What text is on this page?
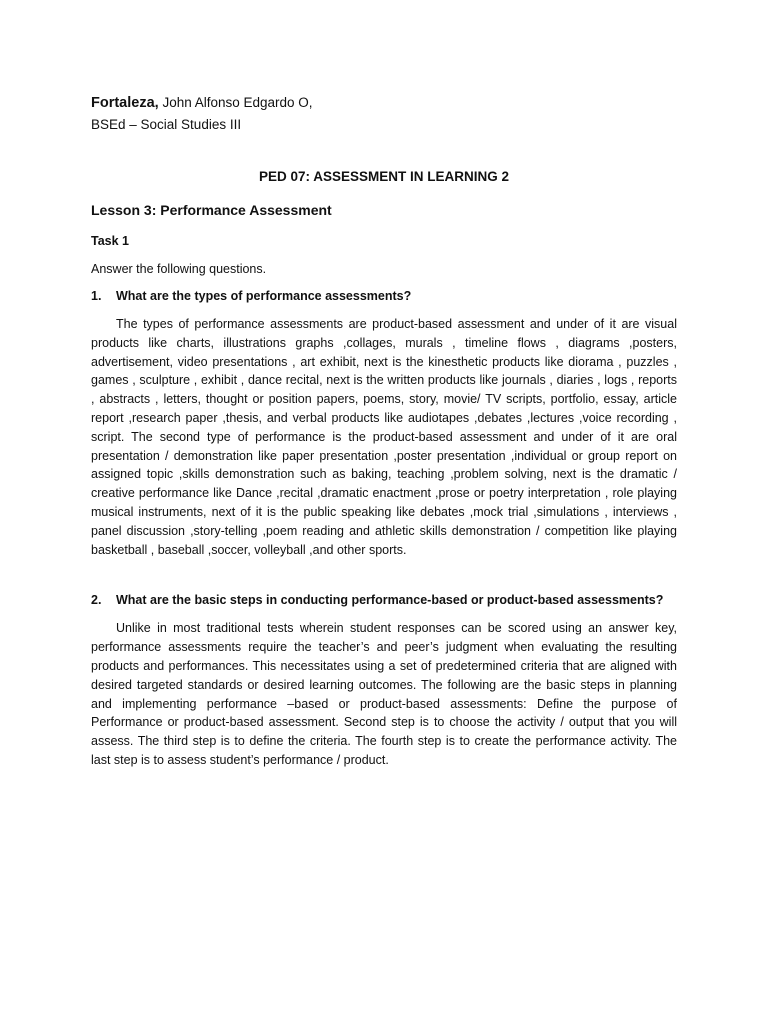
Fortaleza, John Alfonso Edgardo O,

BSEd – Social Studies III

PED 07: ASSESSMENT IN LEARNING 2

Lesson 3: Performance Assessment

Task 1

Answer the following questions.

1.	What are the types of performance assessments?

The types of performance assessments are product-based assessment and under of it are visual products like charts, illustrations graphs ,collages, murals , timeline flows , diagrams ,posters, advertisement, video presentations , art exhibit, next is the kinesthetic products like diorama , puzzles , games , sculpture , exhibit , dance recital, next is the written products like journals , diaries , logs , reports , abstracts , letters, thought or position papers, poems, story, movie/ TV scripts, portfolio, essay, article report ,research paper ,thesis, and verbal products like audiotapes ,debates ,lectures ,voice recording , script. The second type of performance is the product-based assessment and under of it are oral presentation / demonstration like paper presentation ,poster presentation ,individual or group report on assigned topic ,skills demonstration such as baking, teaching ,problem solving, next is the dramatic / creative performance like Dance ,recital ,dramatic enactment ,prose or poetry interpretation , role playing musical instruments, next of it is the public speaking like debates ,mock trial ,simulations , interviews , panel discussion ,story-telling ,poem reading and athletic skills demonstration / competition like playing basketball , baseball ,soccer, volleyball ,and other sports.

2.	What are the basic steps in conducting performance-based or product-based assessments?

Unlike in most traditional tests wherein student responses can be scored using an answer key, performance assessments require the teacher’s and peer’s judgment when evaluating the resulting products and performances. This necessitates using a set of predetermined criteria that are aligned with desired targeted standards or desired learning outcomes. The following are the basic steps in planning and implementing performance –based or product-based assessments: Define the purpose of Performance or product-based assessment. Second step is to choose the activity / output that you will assess. The third step is to define the criteria. The fourth step is to create the performance activity. The last step is to assess student’s performance / product.
